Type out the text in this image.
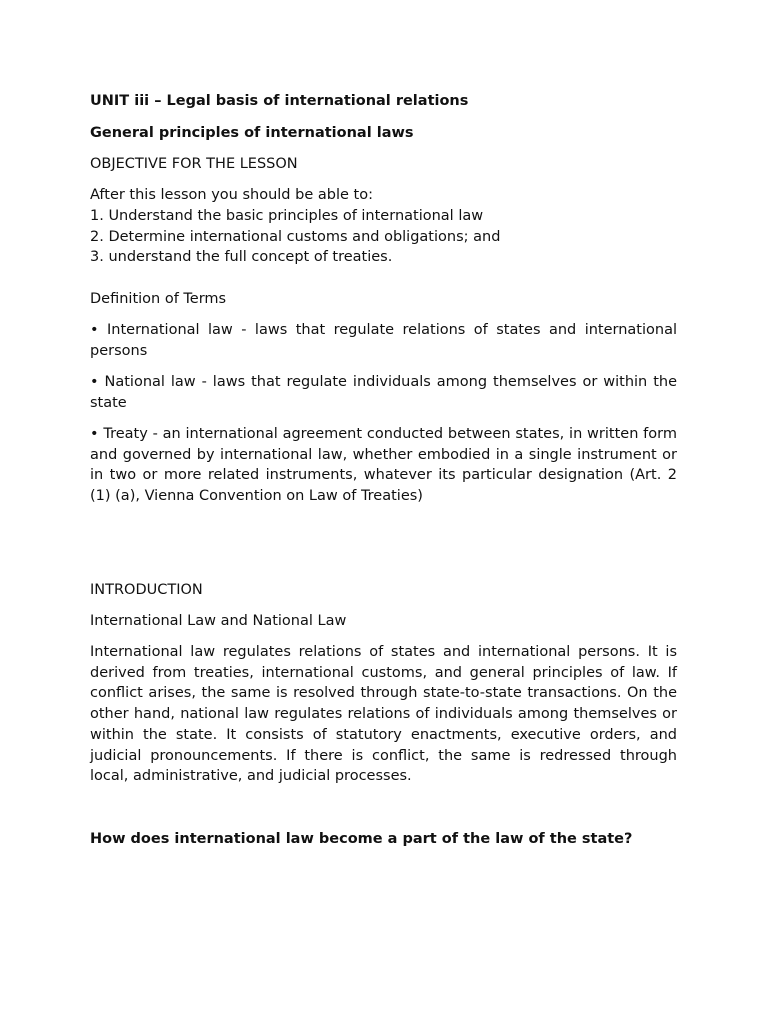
UNIT iii – Legal basis of international relations
General principles of international laws
OBJECTIVE FOR THE LESSON
After this lesson you should be able to:
1. Understand the basic principles of international law
2. Determine international customs and obligations; and
3. understand the full concept of treaties.
Definition of Terms
• International law - laws that regulate relations of states and international persons
• National law - laws that regulate individuals among themselves or within the state
• Treaty - an international agreement conducted between states, in written form and governed by international law, whether embodied in a single instrument or in two or more related instruments, whatever its particular designation (Art. 2 (1) (a), Vienna Convention on Law of Treaties)
INTRODUCTION
International Law and National Law
International law regulates relations of states and international persons. It is derived from treaties, international customs, and general principles of law. If conflict arises, the same is resolved through state-to-state transactions. On the other hand, national law regulates relations of individuals among themselves or within the state. It consists of statutory enactments, executive orders, and judicial pronouncements. If there is conflict, the same is redressed through local, administrative, and judicial processes.
How does international law become a part of the law of the state?
